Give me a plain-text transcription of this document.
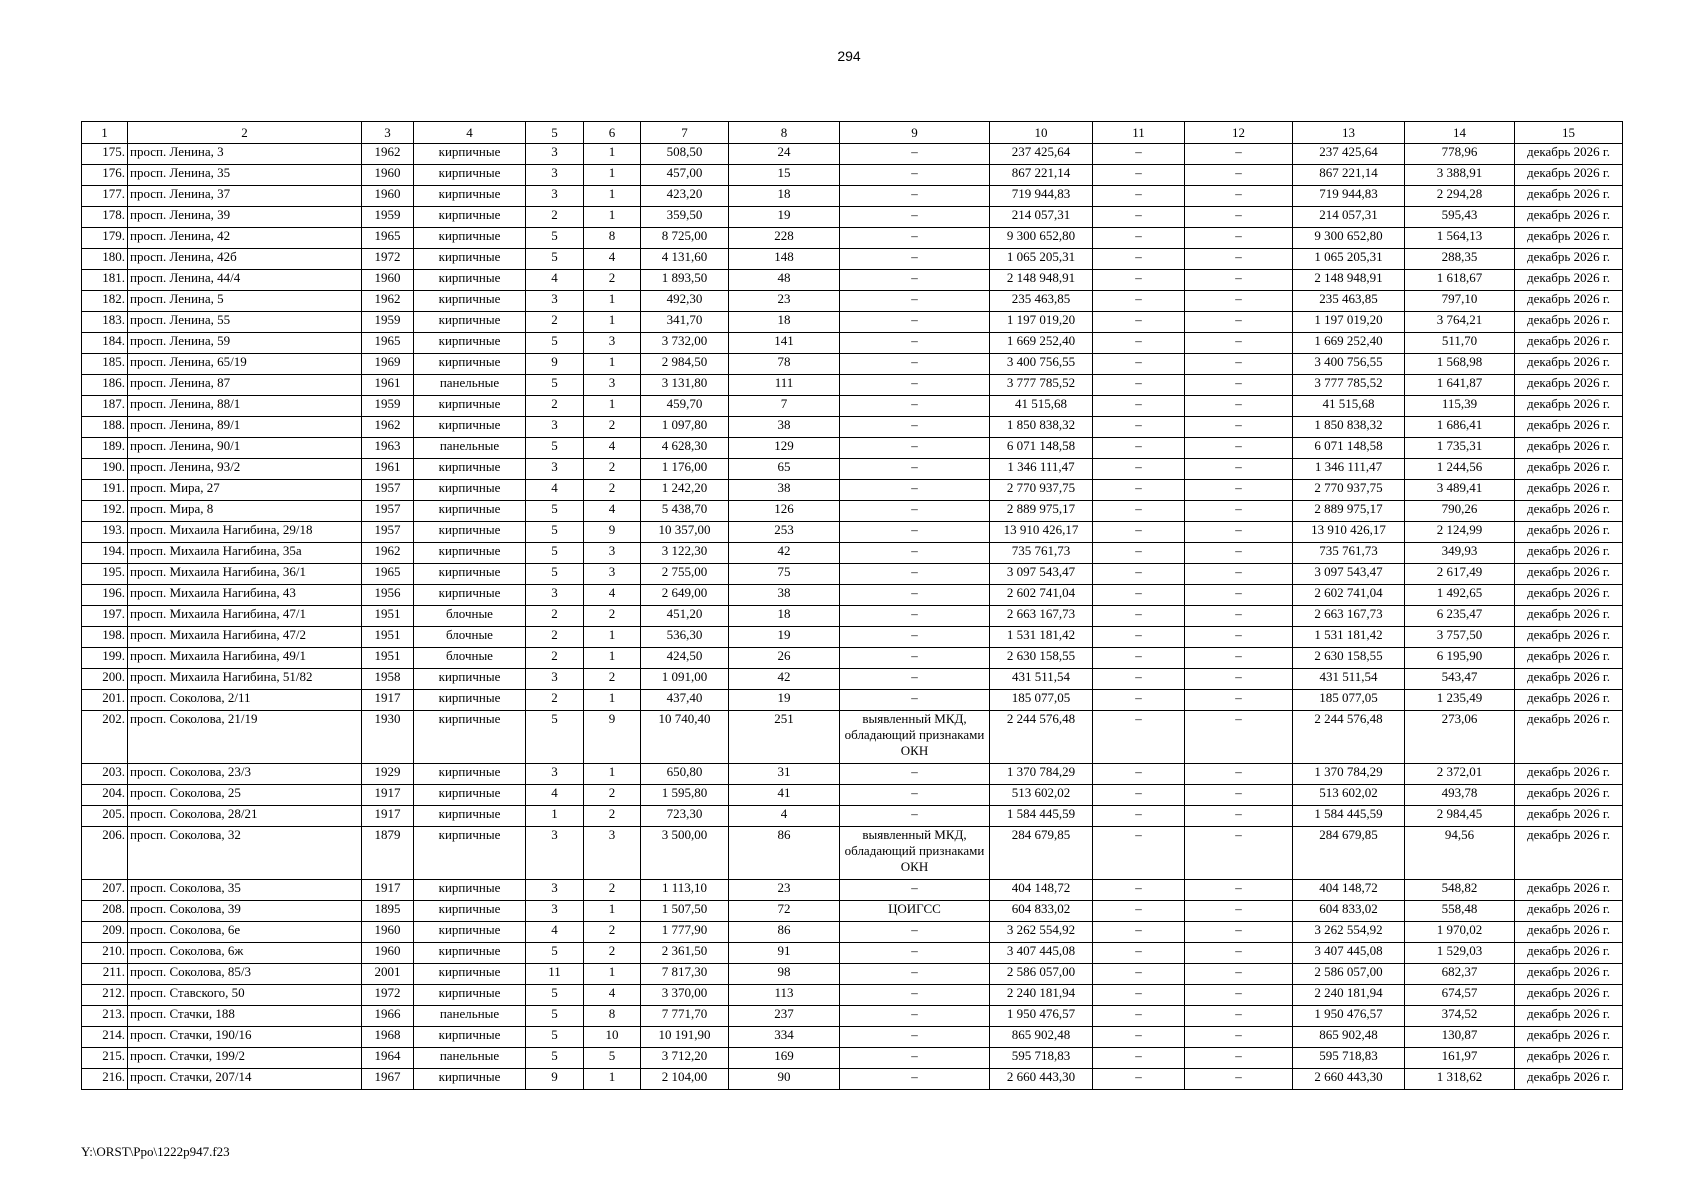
294
1	2	3	4	5	6	7	8	9	10	11	12	13	14	15
175.	просп. Ленина, 3	1962	кирпичные	3	1	508,50	24	–	237 425,64	–	–	237 425,64	778,96	декабрь 2026 г.
176.	просп. Ленина, 35	1960	кирпичные	3	1	457,00	15	–	867 221,14	–	–	867 221,14	3 388,91	декабрь 2026 г.
177.	просп. Ленина, 37	1960	кирпичные	3	1	423,20	18	–	719 944,83	–	–	719 944,83	2 294,28	декабрь 2026 г.
178.	просп. Ленина, 39	1959	кирпичные	2	1	359,50	19	–	214 057,31	–	–	214 057,31	595,43	декабрь 2026 г.
179.	просп. Ленина, 42	1965	кирпичные	5	8	8 725,00	228	–	9 300 652,80	–	–	9 300 652,80	1 564,13	декабрь 2026 г.
180.	просп. Ленина, 42б	1972	кирпичные	5	4	4 131,60	148	–	1 065 205,31	–	–	1 065 205,31	288,35	декабрь 2026 г.
181.	просп. Ленина, 44/4	1960	кирпичные	4	2	1 893,50	48	–	2 148 948,91	–	–	2 148 948,91	1 618,67	декабрь 2026 г.
182.	просп. Ленина, 5	1962	кирпичные	3	1	492,30	23	–	235 463,85	–	–	235 463,85	797,10	декабрь 2026 г.
183.	просп. Ленина, 55	1959	кирпичные	2	1	341,70	18	–	1 197 019,20	–	–	1 197 019,20	3 764,21	декабрь 2026 г.
184.	просп. Ленина, 59	1965	кирпичные	5	3	3 732,00	141	–	1 669 252,40	–	–	1 669 252,40	511,70	декабрь 2026 г.
185.	просп. Ленина, 65/19	1969	кирпичные	9	1	2 984,50	78	–	3 400 756,55	–	–	3 400 756,55	1 568,98	декабрь 2026 г.
186.	просп. Ленина, 87	1961	панельные	5	3	3 131,80	111	–	3 777 785,52	–	–	3 777 785,52	1 641,87	декабрь 2026 г.
187.	просп. Ленина, 88/1	1959	кирпичные	2	1	459,70	7	–	41 515,68	–	–	41 515,68	115,39	декабрь 2026 г.
188.	просп. Ленина, 89/1	1962	кирпичные	3	2	1 097,80	38	–	1 850 838,32	–	–	1 850 838,32	1 686,41	декабрь 2026 г.
189.	просп. Ленина, 90/1	1963	панельные	5	4	4 628,30	129	–	6 071 148,58	–	–	6 071 148,58	1 735,31	декабрь 2026 г.
190.	просп. Ленина, 93/2	1961	кирпичные	3	2	1 176,00	65	–	1 346 111,47	–	–	1 346 111,47	1 244,56	декабрь 2026 г.
191.	просп. Мира, 27	1957	кирпичные	4	2	1 242,20	38	–	2 770 937,75	–	–	2 770 937,75	3 489,41	декабрь 2026 г.
192.	просп. Мира, 8	1957	кирпичные	5	4	5 438,70	126	–	2 889 975,17	–	–	2 889 975,17	790,26	декабрь 2026 г.
193.	просп. Михаила Нагибина, 29/18	1957	кирпичные	5	9	10 357,00	253	–	13 910 426,17	–	–	13 910 426,17	2 124,99	декабрь 2026 г.
194.	просп. Михаила Нагибина, 35а	1962	кирпичные	5	3	3 122,30	42	–	735 761,73	–	–	735 761,73	349,93	декабрь 2026 г.
195.	просп. Михаила Нагибина, 36/1	1965	кирпичные	5	3	2 755,00	75	–	3 097 543,47	–	–	3 097 543,47	2 617,49	декабрь 2026 г.
196.	просп. Михаила Нагибина, 43	1956	кирпичные	3	4	2 649,00	38	–	2 602 741,04	–	–	2 602 741,04	1 492,65	декабрь 2026 г.
197.	просп. Михаила Нагибина, 47/1	1951	блочные	2	2	451,20	18	–	2 663 167,73	–	–	2 663 167,73	6 235,47	декабрь 2026 г.
198.	просп. Михаила Нагибина, 47/2	1951	блочные	2	1	536,30	19	–	1 531 181,42	–	–	1 531 181,42	3 757,50	декабрь 2026 г.
199.	просп. Михаила Нагибина, 49/1	1951	блочные	2	1	424,50	26	–	2 630 158,55	–	–	2 630 158,55	6 195,90	декабрь 2026 г.
200.	просп. Михаила Нагибина, 51/82	1958	кирпичные	3	2	1 091,00	42	–	431 511,54	–	–	431 511,54	543,47	декабрь 2026 г.
201.	просп. Соколова, 2/11	1917	кирпичные	2	1	437,40	19	–	185 077,05	–	–	185 077,05	1 235,49	декабрь 2026 г.
202.	просп. Соколова, 21/19	1930	кирпичные	5	9	10 740,40	251	выявленный МКД, обладающий признаками ОКН	2 244 576,48	–	–	2 244 576,48	273,06	декабрь 2026 г.
203.	просп. Соколова, 23/3	1929	кирпичные	3	1	650,80	31	–	1 370 784,29	–	–	1 370 784,29	2 372,01	декабрь 2026 г.
204.	просп. Соколова, 25	1917	кирпичные	4	2	1 595,80	41	–	513 602,02	–	–	513 602,02	493,78	декабрь 2026 г.
205.	просп. Соколова, 28/21	1917	кирпичные	1	2	723,30	4	–	1 584 445,59	–	–	1 584 445,59	2 984,45	декабрь 2026 г.
206.	просп. Соколова, 32	1879	кирпичные	3	3	3 500,00	86	выявленный МКД, обладающий признаками ОКН	284 679,85	–	–	284 679,85	94,56	декабрь 2026 г.
207.	просп. Соколова, 35	1917	кирпичные	3	2	1 113,10	23	–	404 148,72	–	–	404 148,72	548,82	декабрь 2026 г.
208.	просп. Соколова, 39	1895	кирпичные	3	1	1 507,50	72	ЦОИГСС	604 833,02	–	–	604 833,02	558,48	декабрь 2026 г.
209.	просп. Соколова, 6е	1960	кирпичные	4	2	1 777,90	86	–	3 262 554,92	–	–	3 262 554,92	1 970,02	декабрь 2026 г.
210.	просп. Соколова, 6ж	1960	кирпичные	5	2	2 361,50	91	–	3 407 445,08	–	–	3 407 445,08	1 529,03	декабрь 2026 г.
211.	просп. Соколова, 85/3	2001	кирпичные	11	1	7 817,30	98	–	2 586 057,00	–	–	2 586 057,00	682,37	декабрь 2026 г.
212.	просп. Ставского, 50	1972	кирпичные	5	4	3 370,00	113	–	2 240 181,94	–	–	2 240 181,94	674,57	декабрь 2026 г.
213.	просп. Стачки, 188	1966	панельные	5	8	7 771,70	237	–	1 950 476,57	–	–	1 950 476,57	374,52	декабрь 2026 г.
214.	просп. Стачки, 190/16	1968	кирпичные	5	10	10 191,90	334	–	865 902,48	–	–	865 902,48	130,87	декабрь 2026 г.
215.	просп. Стачки, 199/2	1964	панельные	5	5	3 712,20	169	–	595 718,83	–	–	595 718,83	161,97	декабрь 2026 г.
216.	просп. Стачки, 207/14	1967	кирпичные	9	1	2 104,00	90	–	2 660 443,30	–	–	2 660 443,30	1 318,62	декабрь 2026 г.
Y:\ORST\Ppo\1222p947.f23
